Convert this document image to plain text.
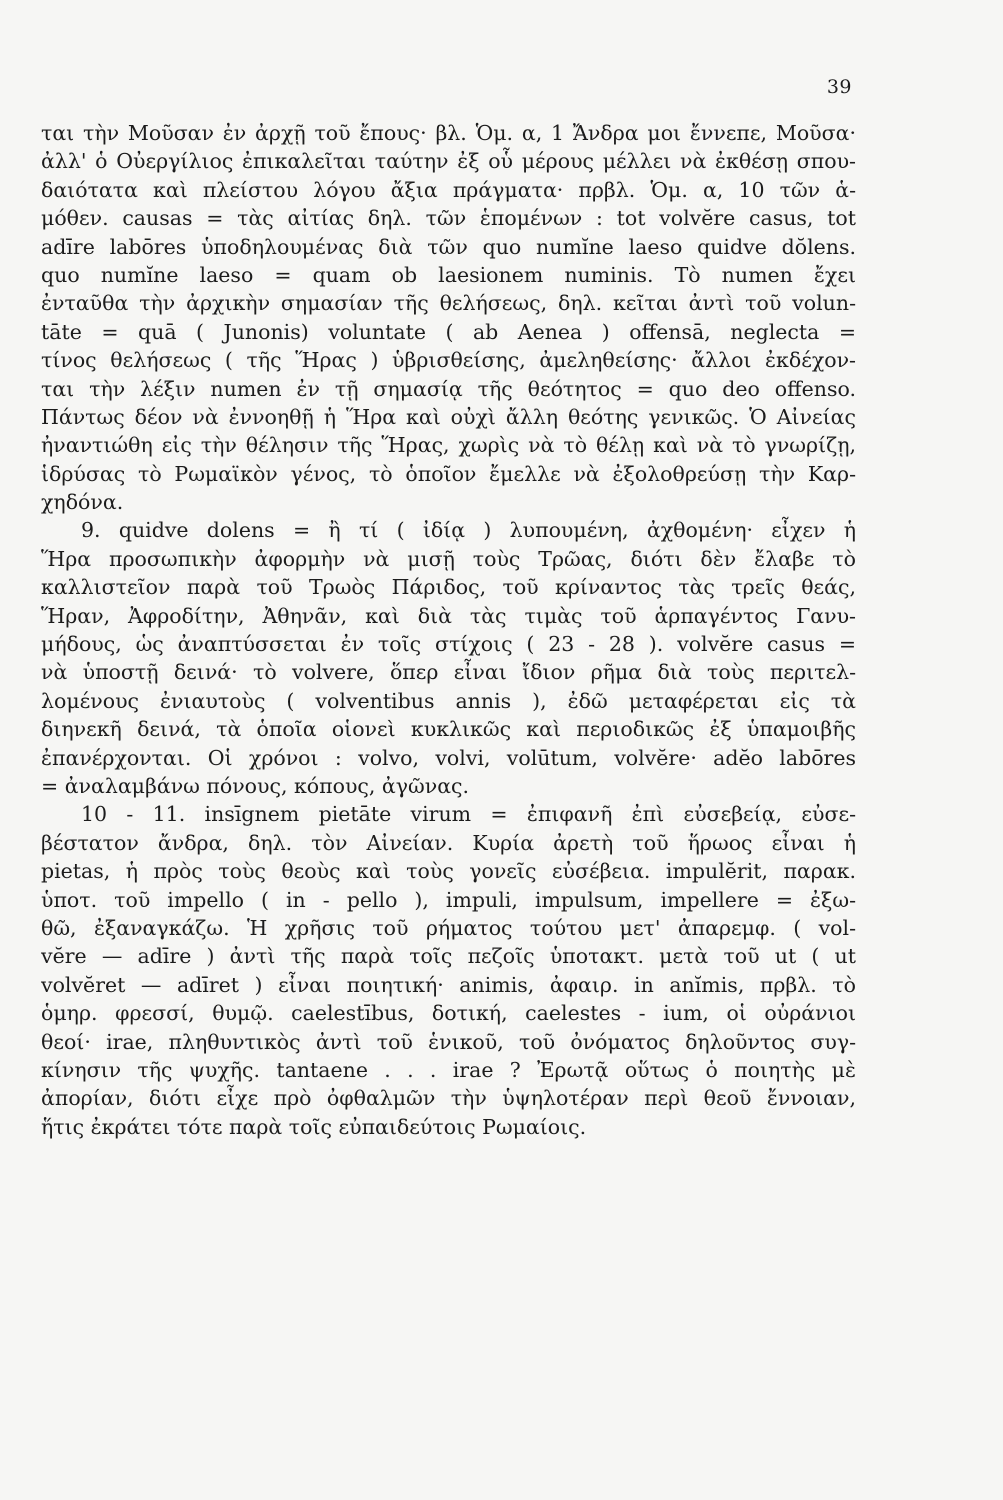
39
ται τὴν Μοῦσαν ἐν ἀρχῇ τοῦ ἔπους· βλ. Ὁμ. α, 1 Ἄνδρα μοι ἔννεπε, Μοῦσα·
ἀλλ' ὁ Οὐεργίλιος ἐπικαλεῖται ταύτην ἐξ οὗ μέρους μέλλει νὰ ἐκθέσῃ σπου-
δαιότατα καὶ πλείστου λόγου ἄξια πράγματα· πρβλ. Ὁμ. α, 10 τῶν ἁ-
μόθεν. causas = τὰς αἰτίας δηλ. τῶν ἑπομένων : tot volvĕre casus, tot
adīre labōres ὑποδηλουμένας διὰ τῶν quo numĭne laeso quidve dŏlens.
quo numĭne laeso = quam ob laesionem numinis. Τὸ numen ἔχει
ἐνταῦθα τὴν ἀρχικὴν σημασίαν τῆς θελήσεως, δηλ. κεῖται ἀντὶ τοῦ volun-
tāte = quā ( Junonis) voluntate ( ab Aenea ) offensā, neglecta =
τίνος θελήσεως ( τῆς Ἥρας ) ὑβρισθείσης, ἀμεληθείσης· ἄλλοι ἐκδέχον-
ται τὴν λέξιν numen ἐν τῇ σημασίᾳ τῆς θεότητος = quo deo offenso.
Πάντως δέον νὰ ἐννοηθῇ ἡ Ἥρα καὶ οὐχὶ ἄλλη θεότης γενικῶς. Ὁ Αἰνείας
ἠναντιώθη εἰς τὴν θέλησιν τῆς Ἥρας, χωρὶς νὰ τὸ θέλῃ καὶ νὰ τὸ γνωρίζῃ,
ἱδρύσας τὸ Ρωμαϊκὸν γένος, τὸ ὁποῖον ἔμελλε νὰ ἐξολοθρεύσῃ τὴν Καρ-
χηδόνα.
9. quidve dolens = ἢ τί ( ἰδίᾳ ) λυπουμένη, ἀχθομένη· εἶχεν ἡ
Ἥρα προσωπικὴν ἀφορμὴν νὰ μισῇ τοὺς Τρῶας, διότι δὲν ἔλαβε τὸ
καλλιστεῖον παρὰ τοῦ Τρωὸς Πάριδος, τοῦ κρίναντος τὰς τρεῖς θεάς,
Ἥραν, Ἀφροδίτην, Ἀθηνᾶν, καὶ διὰ τὰς τιμὰς τοῦ ἁρπαγέντος Γανυ-
μήδους, ὡς ἀναπτύσσεται ἐν τοῖς στίχοις ( 23 - 28 ). volvĕre casus =
νὰ ὑποστῇ δεινά· τὸ volvere, ὅπερ εἶναι ἴδιον ρῆμα διὰ τοὺς περιτελ-
λομένους ἐνιαυτοὺς ( volventibus annis ), ἐδῶ μεταφέρεται εἰς τὰ
διηνεκῆ δεινά, τὰ ὁποῖα οἱονεὶ κυκλικῶς καὶ περιοδικῶς ἐξ ὑπαμοιβῆς
ἐπανέρχονται. Οἱ χρόνοι : volvo, volvi, volūtum, volvĕre· adĕo labōres
= ἀναλαμβάνω πόνους, κόπους, ἀγῶνας.
10 - 11. insīgnem pietāte virum = ἐπιφανῆ ἐπὶ εὐσεβείᾳ, εὐσε-
βέστατον ἄνδρα, δηλ. τὸν Αἰνείαν. Κυρία ἀρετὴ τοῦ ἥρωος εἶναι ἡ
pietas, ἡ πρὸς τοὺς θεοὺς καὶ τοὺς γονεῖς εὐσέβεια. impulĕrit, παρακ.
ὑποτ. τοῦ impello ( in - pello ), impuli, impulsum, impellere = ἐξω-
θῶ, ἐξαναγκάζω. Ἡ χρῆσις τοῦ ρήματος τούτου μετ' ἀπαρεμφ. ( vol-
vĕre — adīre ) ἀντὶ τῆς παρὰ τοῖς πεζοῖς ὑποτακτ. μετὰ τοῦ ut ( ut
volvĕret — adīret ) εἶναι ποιητική· animis, ἀφαιρ. in anĭmis, πρβλ. τὸ
ὁμηρ. φρεσσί, θυμῷ. caelestībus, δοτική, caelestes - ium, οἱ οὐράνιοι
θεοί· irae, πληθυντικὸς ἀντὶ τοῦ ἑνικοῦ, τοῦ ὀνόματος δηλοῦντος συγ-
κίνησιν τῆς ψυχῆς. tantaene . . . irae ? Ἐρωτᾷ οὕτως ὁ ποιητὴς μὲ
ἀπορίαν, διότι εἶχε πρὸ ὀφθαλμῶν τὴν ὑψηλοτέραν περὶ θεοῦ ἔννοιαν,
ἥτις ἐκράτει τότε παρὰ τοῖς εὐπαιδεύτοις Ρωμαίοις.
